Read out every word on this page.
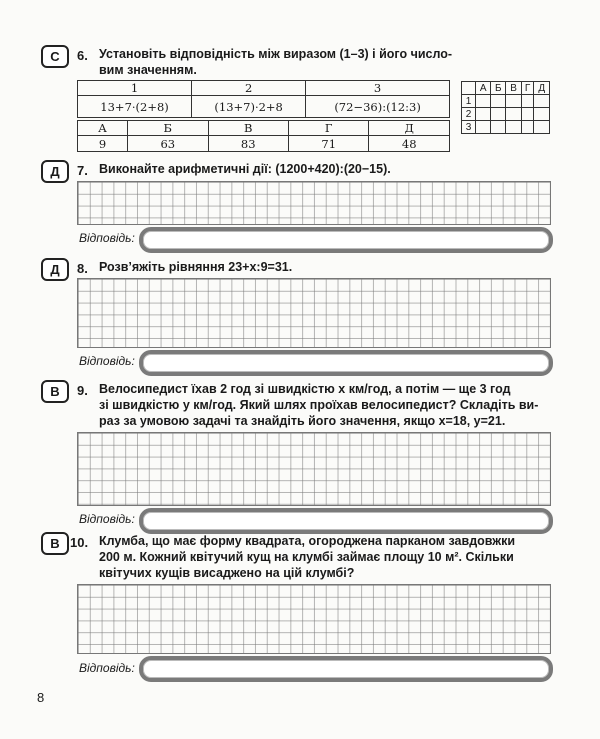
С	6. Установіть відповідність між виразом (1–3) і його число-
вим значенням.
1	2	3
13+7·(2+8)	(13+7)·2+8	(72−36):(12:3)
А	Б	В	Г	Д
9	63	83	71	48
	А	Б	В	Г	Д
1					
2					
3					
Д	7. Виконайте арифметичні дії: (1200+420):(20−15).
Відповідь:
Д	8. Розв’яжіть рівняння 23+x:9=31.
Відповідь:
В	9. Велосипедист їхав 2 год зі швидкістю x км/год, а потім — ще 3 год
зі швидкістю y км/год. Який шлях проїхав велосипедист? Складіть ви-
раз за умовою задачі та знайдіть його значення, якщо x=18, y=21.
Відповідь:
В 10. Клумба, що має форму квадрата, огороджена парканом завдовжки
200 м. Кожний квітучий кущ на клумбі займає площу 10 м². Скільки
квітучих кущів висаджено на цій клумбі?
Відповідь:
8
